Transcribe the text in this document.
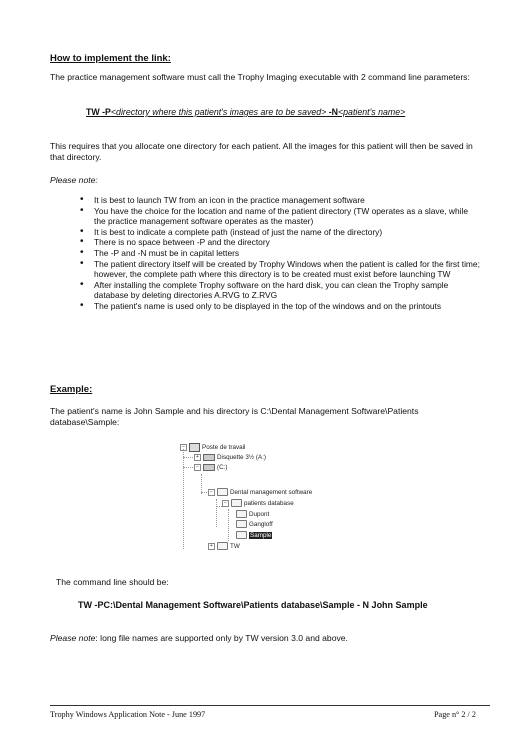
How to implement the link:
The practice management software must call the Trophy Imaging executable with 2 command line parameters:
TW -P<directory where this patient's images are to be saved> -N<patient's name>
This requires that you allocate one directory for each patient. All the images for this patient will then be saved in that directory.
Please note:
• It is best to launch TW from an icon in the practice management software
• You have the choice for the location and name of the patient directory (TW operates as a slave, while the practice management software operates as the master)
• It is best to indicate a complete path (instead of just the name of the directory)
• There is no space between -P and the directory
• The -P and -N must be in capital letters
• The patient directory itself will be created by Trophy Windows when the patient is called for the first time; however, the complete path where this directory is to be created must exist before launching TW
• After installing the complete Trophy software on the hard disk, you can clean the Trophy sample database by deleting directories A.RVG to Z.RVG
• The patient's name is used only to be displayed in the top of the windows and on the printouts
Example:
The patient's name is John Sample and his directory is C:\Dental Management Software\Patients database\Sample:
−	Poste de travail
+	Disquette 3½ (A:)
−	(C:)
−	Dental management software
−	patients database
Dupont
Gangloff
Sample
+	TW
The command line should be:
TW -PC:\Dental Management Software\Patients database\Sample - N John Sample
Please note: long file names are supported only by TW version 3.0 and above.
Trophy Windows Application Note - June 1997	Page n° 2 / 2
